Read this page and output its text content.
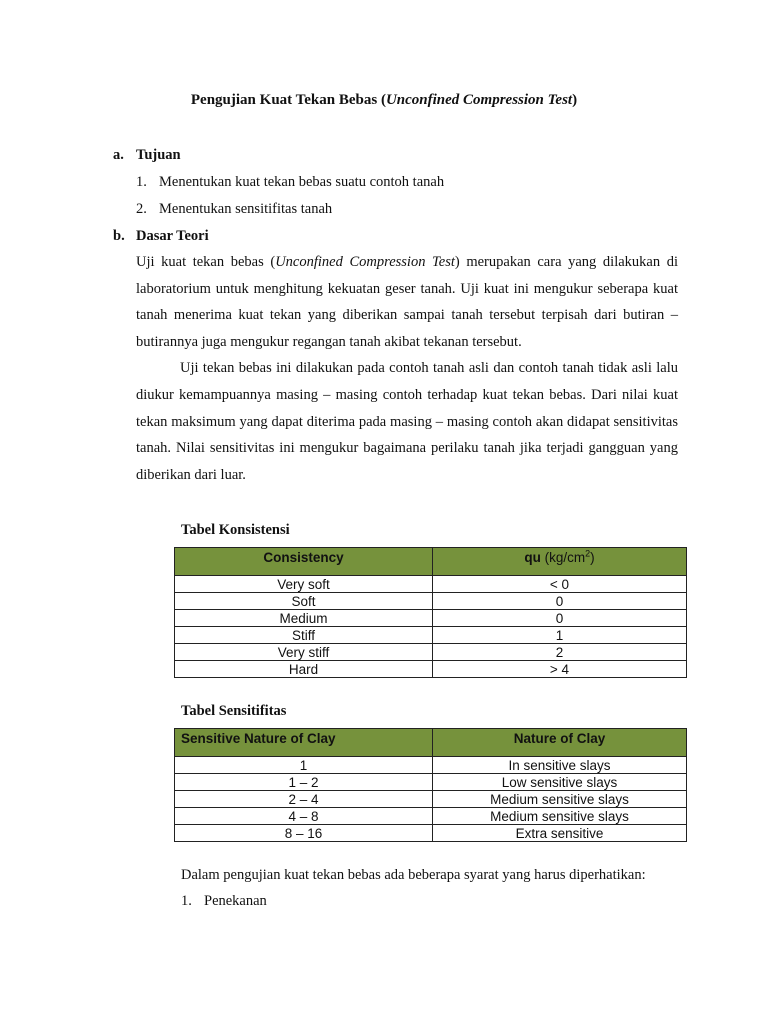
Pengujian Kuat Tekan Bebas (Unconfined Compression Test)
a. Tujuan
1. Menentukan kuat tekan bebas suatu contoh tanah
2. Menentukan sensitifitas tanah
b. Dasar Teori

Uji kuat tekan bebas (Unconfined Compression Test) merupakan cara yang dilakukan di laboratorium untuk menghitung kekuatan geser tanah. Uji kuat ini mengukur seberapa kuat tanah menerima kuat tekan yang diberikan sampai tanah tersebut terpisah dari butiran – butirannya juga mengukur regangan tanah akibat tekanan tersebut.

Uji tekan bebas ini dilakukan pada contoh tanah asli dan contoh tanah tidak asli lalu diukur kemampuannya masing – masing contoh terhadap kuat tekan bebas. Dari nilai kuat tekan maksimum yang dapat diterima pada masing – masing contoh akan didapat sensitivitas tanah. Nilai sensitivitas ini mengukur bagaimana perilaku tanah jika terjadi gangguan yang diberikan dari luar.

Tabel Konsistensi
Consistency	qu $(kg/cm^2)$
Very soft	< 0
Soft	0
Medium	0
Stiff	1
Very stiff	2
Hard	> 4
Tabel Sensitifitas
Sensitive Nature of Clay	Nature of Clay
1	In sensitive slays
1 – 2	Low sensitive slays
2 – 4	Medium sensitive slays
4 – 8	Medium sensitive slays
8 – 16	Extra sensitive
Dalam pengujian kuat tekan bebas ada beberapa syarat yang harus diperhatikan:
1. Penekanan
